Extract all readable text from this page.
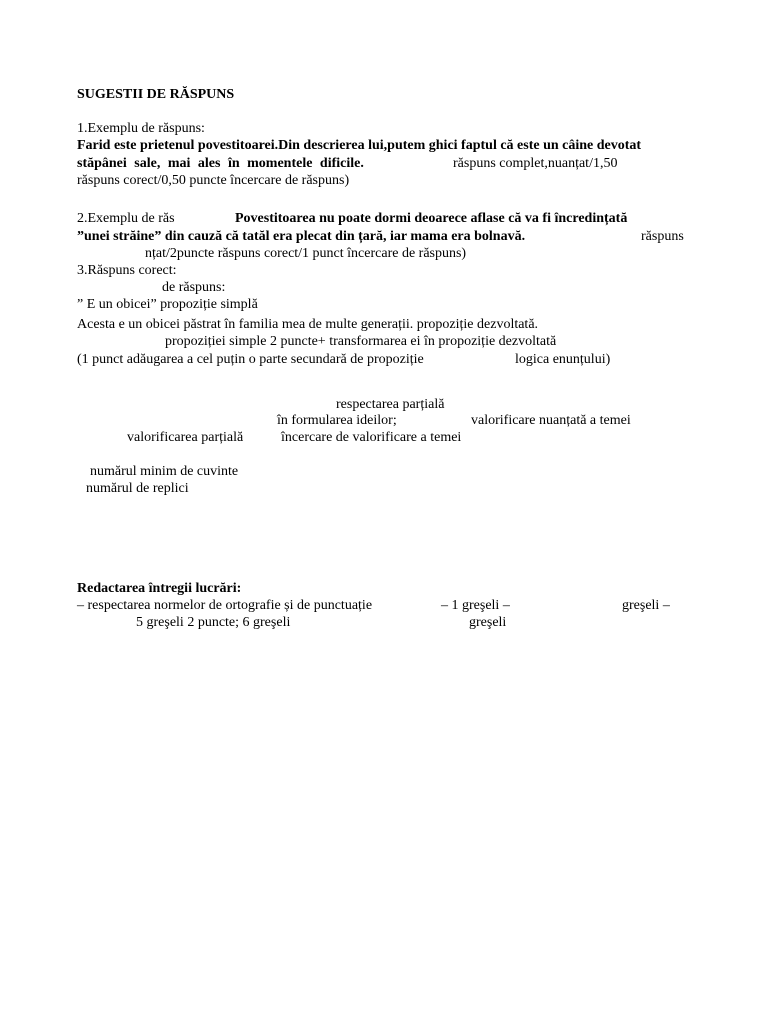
SUGESTII DE RĂSPUNS
1.Exemplu de răspuns:
Farid este prietenul povestitoarei.Din descrierea lui,putem ghici faptul că este un câine devotat
stăpânei sale, mai ales în momentele dificile.	răspuns complet,nuanțat/1,50
răspuns corect/0,50 puncte încercare de răspuns)
2.Exemplu de răs	Povestitoarea nu poate dormi deoarece aflase că va fi încredințată
”unei străine” din cauză că tatăl era plecat din țară, iar mama era bolnavă.	răspuns
nțat/2puncte răspuns corect/1 punct încercare de răspuns)
3.Răspuns corect:
de răspuns:
” E un obicei” propoziție simplă
Acesta e un obicei păstrat în familia mea de multe generații. propoziție dezvoltată.
propoziției simple 2 puncte+ transformarea ei în propoziție dezvoltată
(1 punct adăugarea a cel puțin o parte secundară de propoziție	logica enunțului)
respectarea parțială
în formularea ideilor;	valorificare nuanțată a temei
valorificarea parțială	încercare de valorificare a temei
numărul minim de cuvinte
numărul de replici
Redactarea întregii lucrări:
– respectarea normelor de ortografie și de punctuație	– 1 greşeli –	greşeli –
5 greşeli 2 puncte; 6 greşeli	greşeli
